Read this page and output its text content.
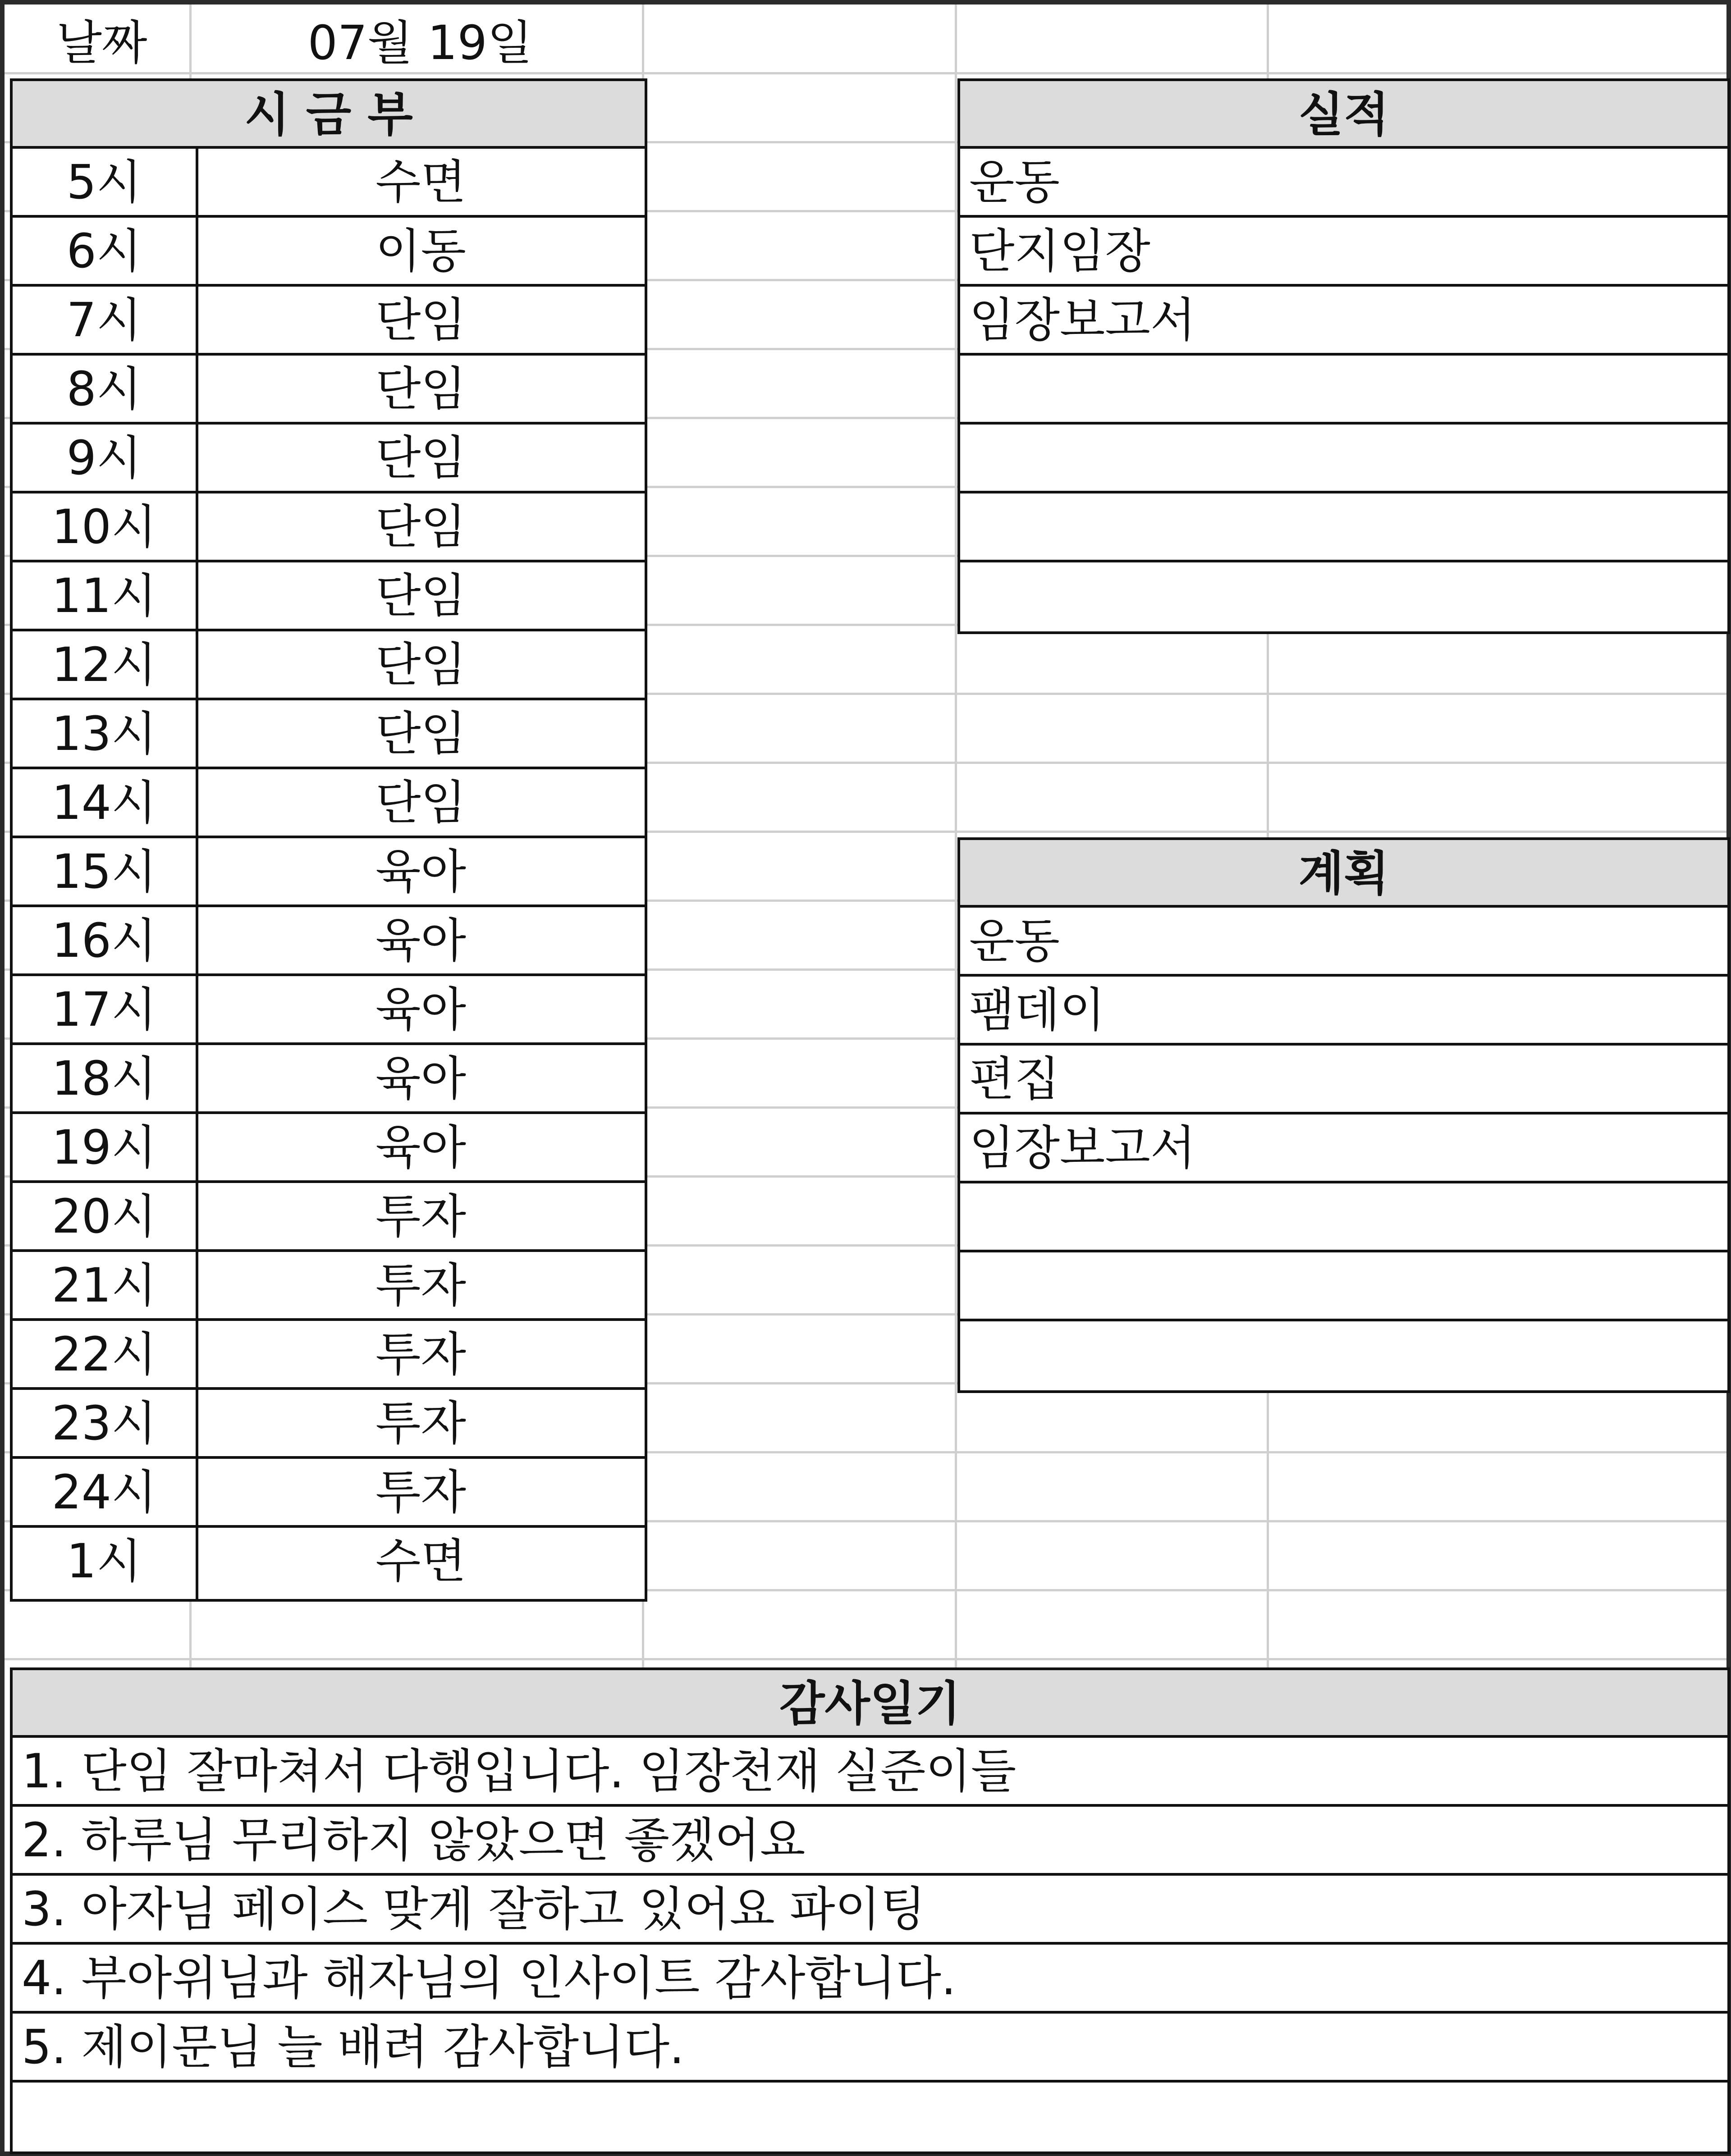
날짜	07월 19일
시 금 부
5시	수면
6시	이동
7시	단임
8시	단임
9시	단임
10시	단임
11시	단임
12시	단임
13시	단임
14시	단임
15시	육아
16시	육아
17시	육아
18시	육아
19시	육아
20시	투자
21시	투자
22시	투자
23시	투자
24시	투자
1시	수면
실적
운동
단지임장
임장보고서
계획
운동
팸데이
편집
임장보고서
감사일기
1. 단임 잘마쳐서 다행입니다. 임장천재 실준이들
2. 하루님 무리하지 않았으면 좋겠어요
3. 아자님 페이스 맞게 잘하고 있어요 파이팅
4. 부아위님과 해자님의 인사이트 감사합니다.
5. 제이문님 늘 배려 감사합니다.
